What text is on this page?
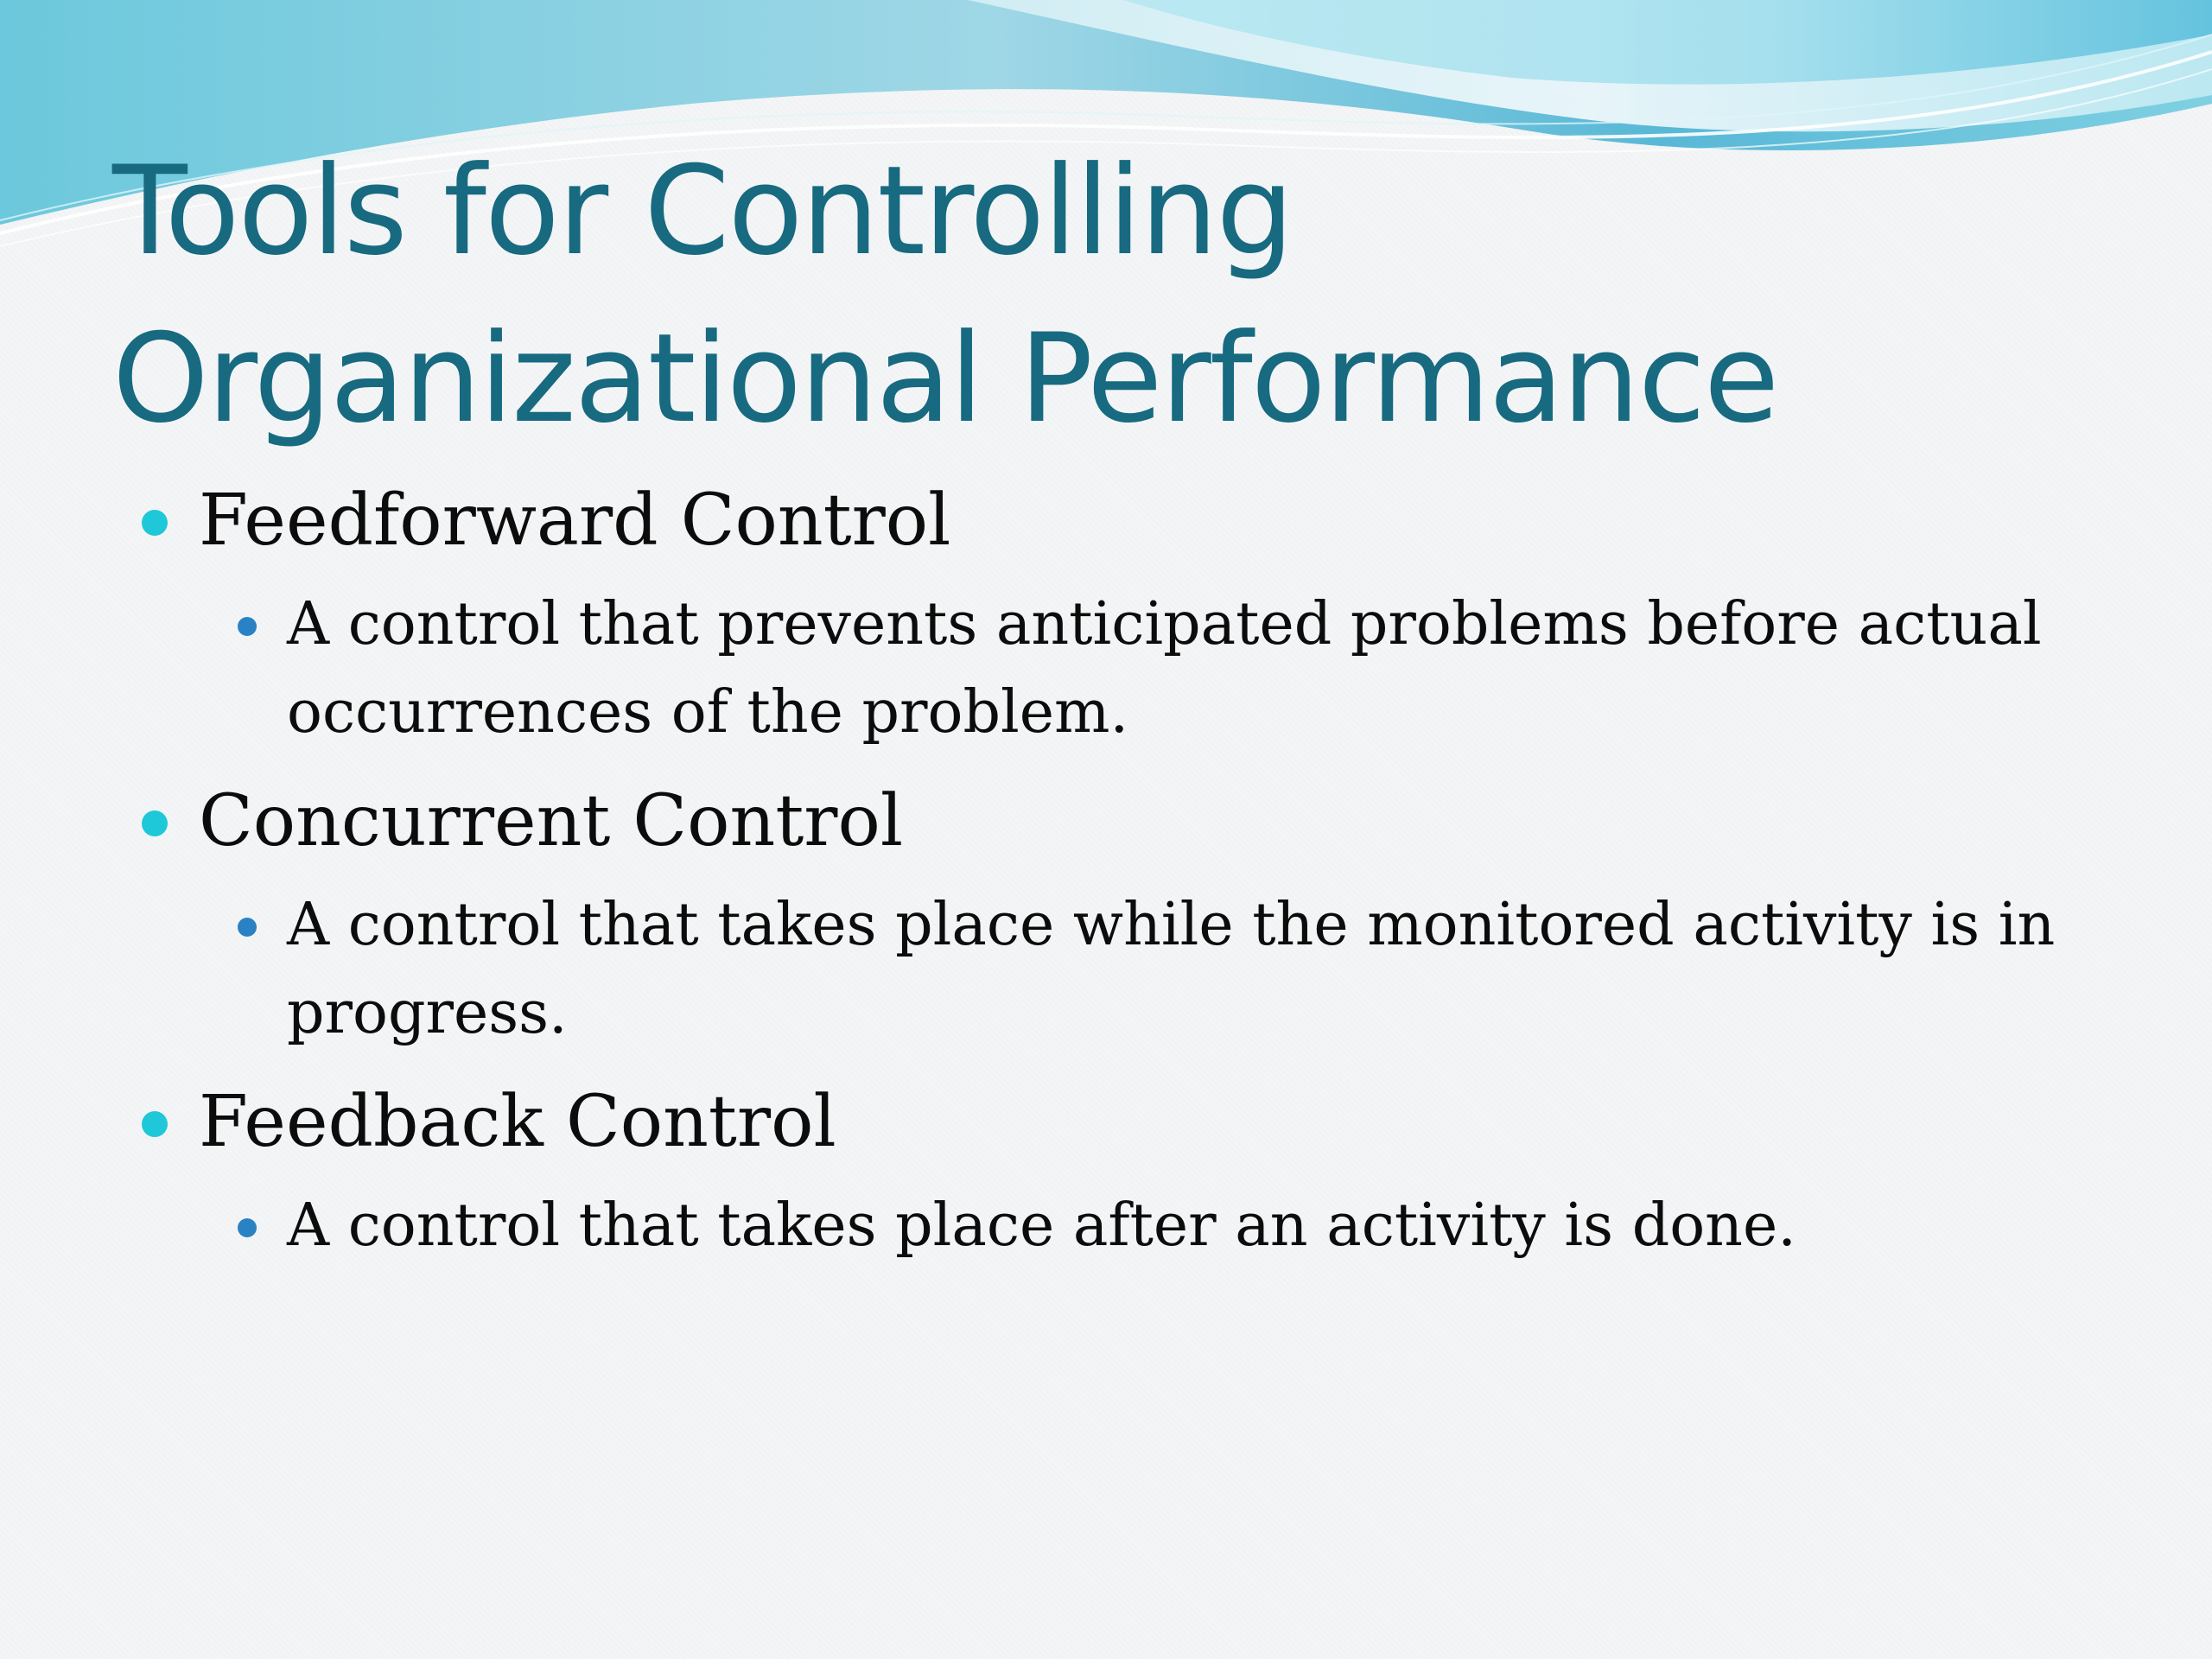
Tools for Controlling Organizational Performance
Feedforward Control
A control that prevents anticipated problems before actual occurrences of the problem.
Concurrent Control
A control that takes place while the monitored activity is in progress.
Feedback Control
A control that takes place after an activity is done.
